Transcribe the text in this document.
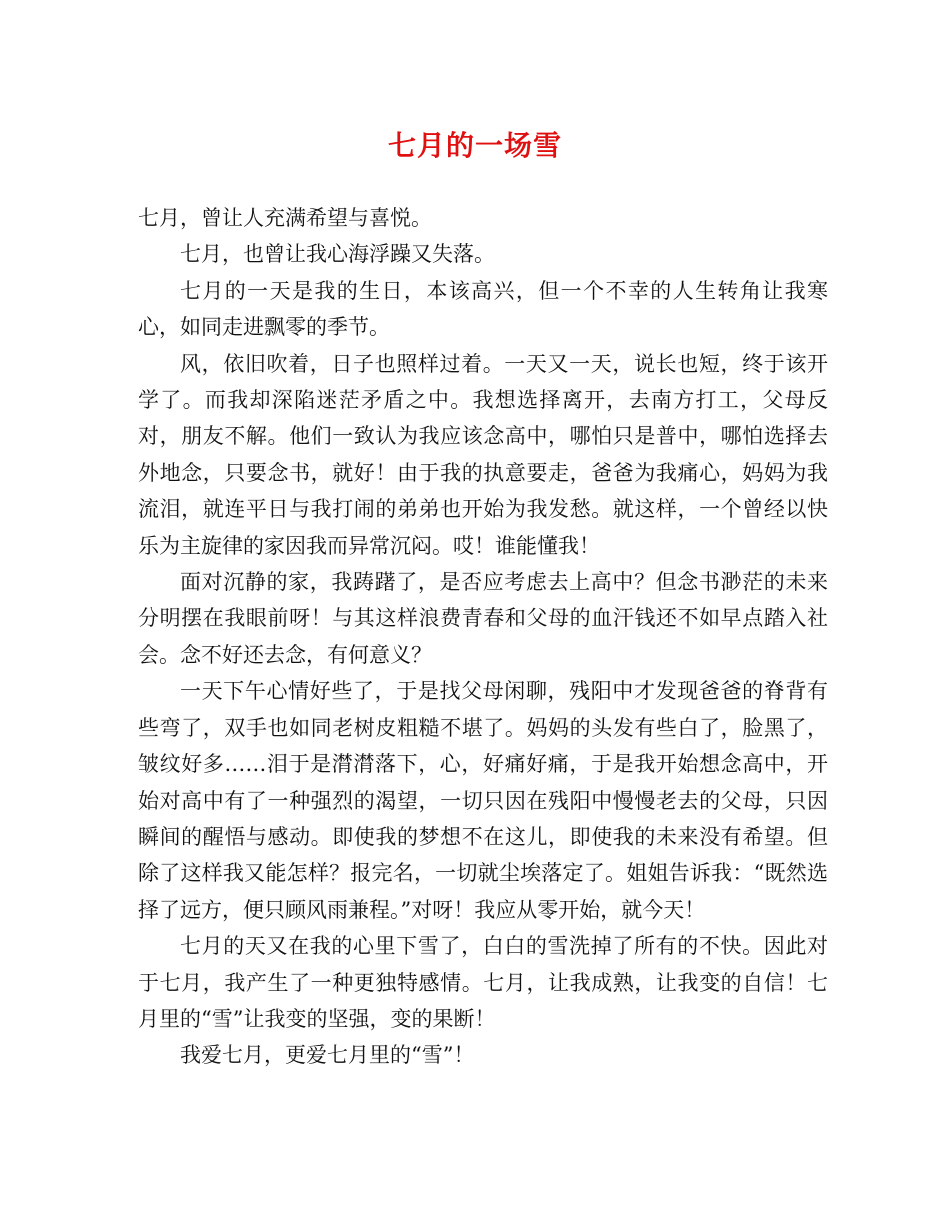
七月的一场雪

七月，曾让人充满希望与喜悦。

七月，也曾让我心海浮躁又失落。

七月的一天是我的生日，本该高兴，但一个不幸的人生转角让我寒心，如同走进飘零的季节。

风，依旧吹着，日子也照样过着。一天又一天，说长也短，终于该开学了。而我却深陷迷茫矛盾之中。我想选择离开，去南方打工，父母反对，朋友不解。他们一致认为我应该念高中，哪怕只是普中，哪怕选择去外地念，只要念书，就好！由于我的执意要走，爸爸为我痛心，妈妈为我流泪，就连平日与我打闹的弟弟也开始为我发愁。就这样，一个曾经以快乐为主旋律的家因我而异常沉闷。哎！谁能懂我！

面对沉静的家，我踌躇了，是否应考虑去上高中？但念书渺茫的未来分明摆在我眼前呀！与其这样浪费青春和父母的血汗钱还不如早点踏入社会。念不好还去念，有何意义？

一天下午心情好些了，于是找父母闲聊，残阳中才发现爸爸的脊背有些弯了，双手也如同老树皮粗糙不堪了。妈妈的头发有些白了，脸黑了，皱纹好多……泪于是潸潸落下，心，好痛好痛，于是我开始想念高中，开始对高中有了一种强烈的渴望，一切只因在残阳中慢慢老去的父母，只因瞬间的醒悟与感动。即使我的梦想不在这儿，即使我的未来没有希望。但除了这样我又能怎样？报完名，一切就尘埃落定了。姐姐告诉我：“既然选择了远方，便只顾风雨兼程。”对呀！我应从零开始，就今天！

七月的天又在我的心里下雪了，白白的雪洗掉了所有的不快。因此对于七月，我产生了一种更独特感情。七月，让我成熟，让我变的自信！七月里的“雪”让我变的坚强，变的果断！

我爱七月，更爱七月里的“雪”！
